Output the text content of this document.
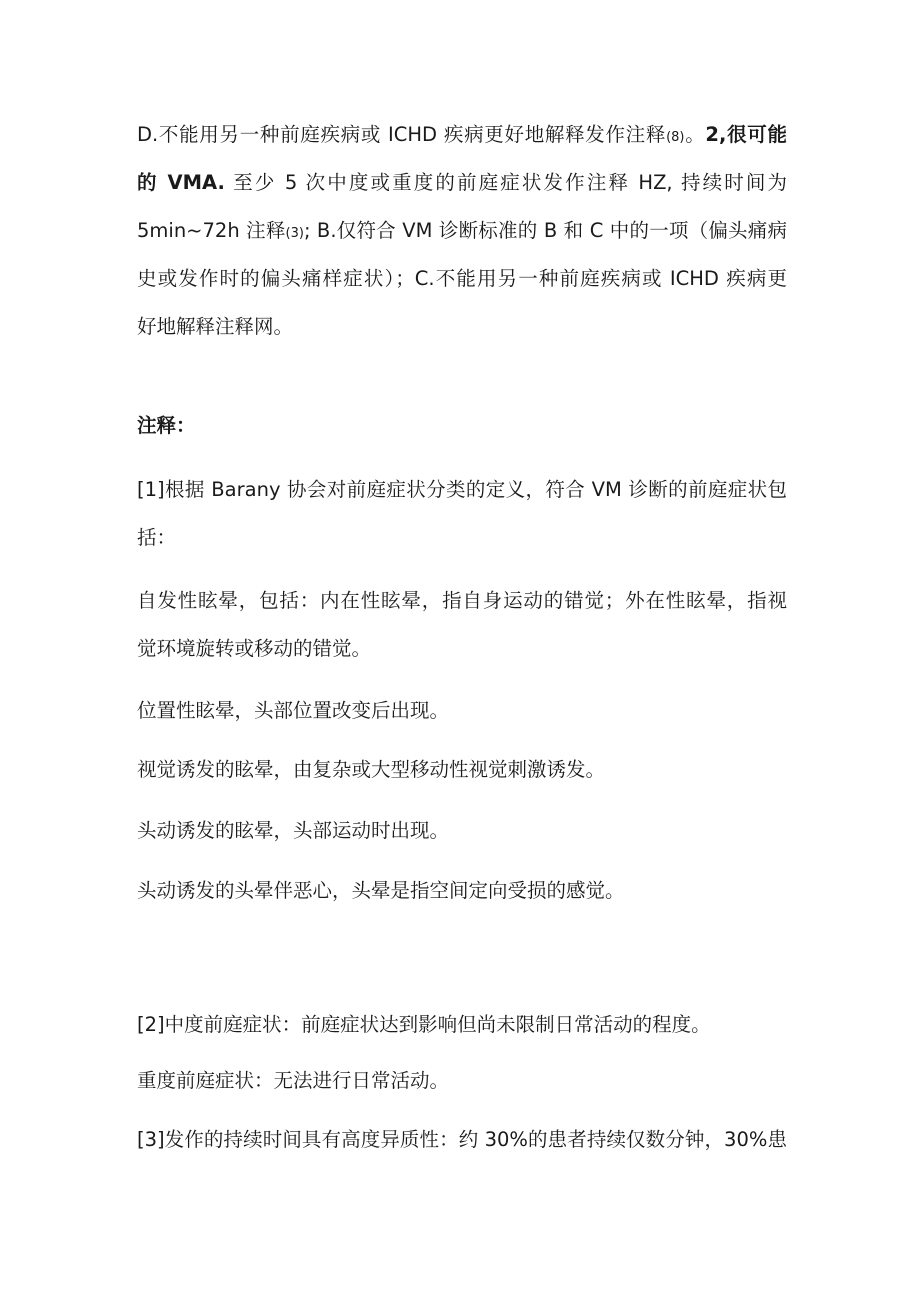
D.不能用另一种前庭疾病或 ICHD 疾病更好地解释发作注释(8)。2,很可能
的 VMA. 至少 5 次中度或重度的前庭症状发作注释 HZ, 持续时间为
5min~72h 注释(3); B.仅符合 VM 诊断标准的 B 和 C 中的一项（偏头痛病
史或发作时的偏头痛样症状）；C.不能用另一种前庭疾病或 ICHD 疾病更
好地解释注释网。
注释：
[1]根据 Barany 协会对前庭症状分类的定义，符合 VM 诊断的前庭症状包
括：
自发性眩晕，包括：内在性眩晕，指自身运动的错觉；外在性眩晕，指视
觉环境旋转或移动的错觉。
位置性眩晕，头部位置改变后出现。
视觉诱发的眩晕，由复杂或大型移动性视觉刺激诱发。
头动诱发的眩晕，头部运动时出现。
头动诱发的头晕伴恶心，头晕是指空间定向受损的感觉。
[2]中度前庭症状：前庭症状达到影响但尚未限制日常活动的程度。
重度前庭症状：无法进行日常活动。
[3]发作的持续时间具有高度异质性：约 30%的患者持续仅数分钟，30%患
